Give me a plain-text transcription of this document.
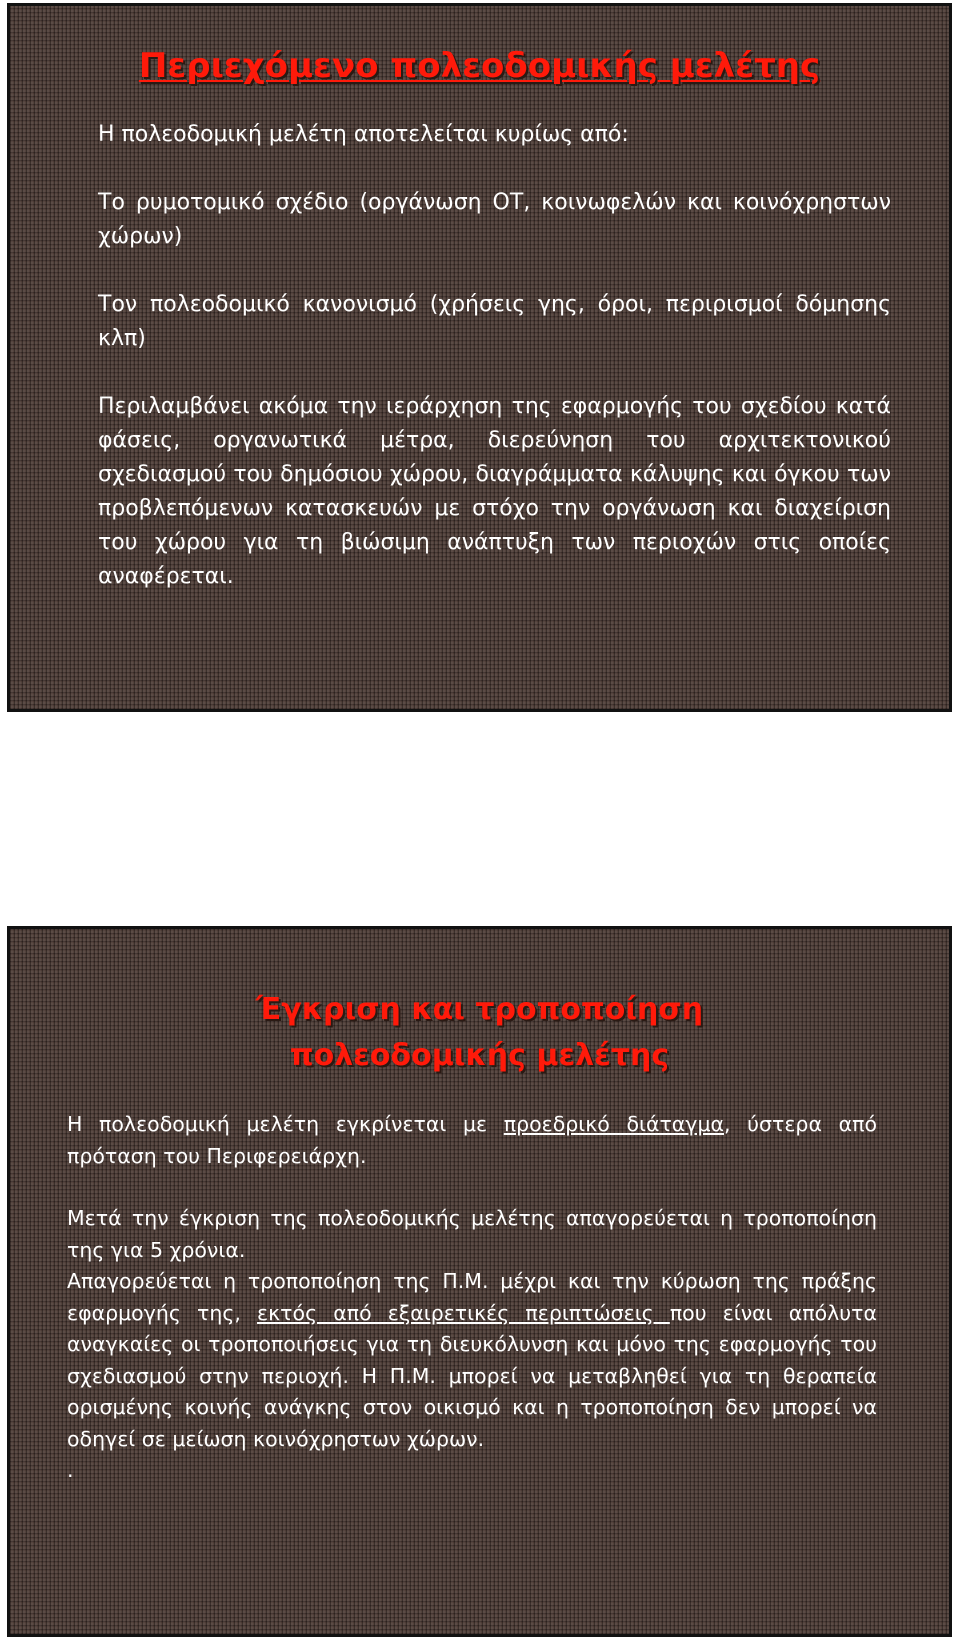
Περιεχόμενο πολεοδομικής μελέτης

Η πολεοδομική μελέτη αποτελείται κυρίως από:

Το ρυμοτομικό σχέδιο (οργάνωση ΟΤ, κοινωφελών και κοινόχρηστων χώρων)

Τον πολεοδομικό κανονισμό (χρήσεις γης, όροι, περιρισμοί δόμησης κλπ)

Περιλαμβάνει ακόμα την ιεράρχηση της εφαρμογής του σχεδίου κατά φάσεις, οργανωτικά μέτρα, διερεύνηση του αρχιτεκτονικού σχεδιασμού του δημόσιου χώρου, διαγράμματα κάλυψης και όγκου των προβλεπόμενων κατασκευών με στόχο την οργάνωση και διαχείριση του χώρου για τη βιώσιμη ανάπτυξη των περιοχών στις οποίες αναφέρεται.

Έγκριση και τροποποίηση πολεοδομικής μελέτης

Η πολεοδομική μελέτη εγκρίνεται με προεδρικό διάταγμα, ύστερα από πρόταση του Περιφερειάρχη.

Μετά την έγκριση της πολεοδομικής μελέτης απαγορεύεται η τροποποίηση της για 5 χρόνια.

Απαγορεύεται η τροποποίηση της Π.Μ. μέχρι και την κύρωση της πράξης εφαρμογής της, εκτός από εξαιρετικές περιπτώσεις που είναι απόλυτα αναγκαίες οι τροποποιήσεις για τη διευκόλυνση και μόνο της εφαρμογής του σχεδιασμού στην περιοχή. Η Π.Μ. μπορεί να μεταβληθεί για τη θεραπεία ορισμένης κοινής ανάγκης στον οικισμό και η τροποποίηση δεν μπορεί να οδηγεί σε μείωση κοινόχρηστων χώρων.

.
